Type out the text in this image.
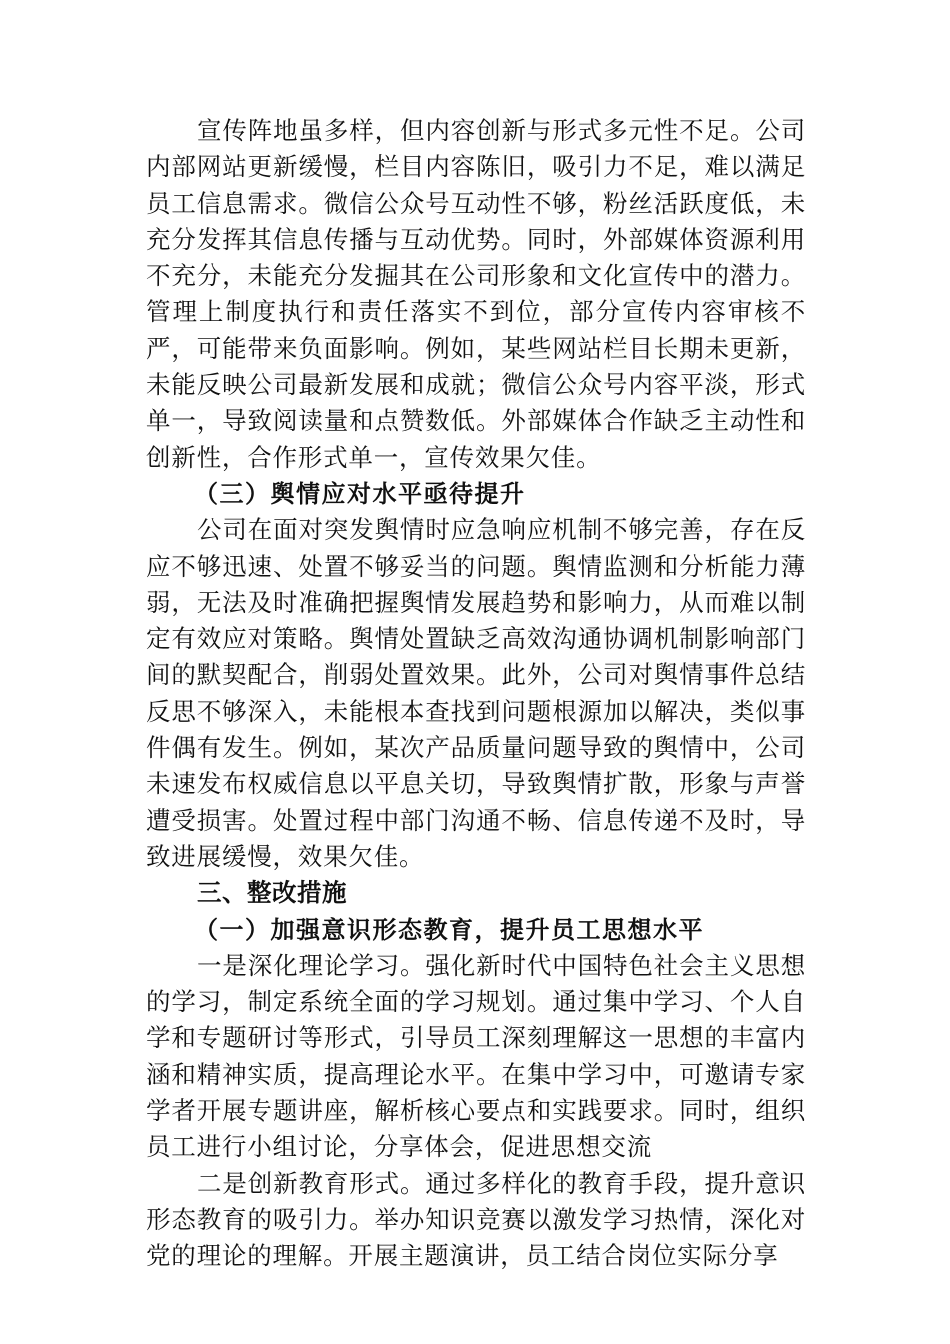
宣传阵地虽多样，但内容创新与形式多元性不足。公司内部网站更新缓慢，栏目内容陈旧，吸引力不足，难以满足员工信息需求。微信公众号互动性不够，粉丝活跃度低，未充分发挥其信息传播与互动优势。同时，外部媒体资源利用不充分，未能充分发掘其在公司形象和文化宣传中的潜力。管理上制度执行和责任落实不到位，部分宣传内容审核不严，可能带来负面影响。例如，某些网站栏目长期未更新，未能反映公司最新发展和成就；微信公众号内容平淡，形式单一，导致阅读量和点赞数低。外部媒体合作缺乏主动性和创新性，合作形式单一，宣传效果欠佳。

（三）舆情应对水平亟待提升

公司在面对突发舆情时应急响应机制不够完善，存在反应不够迅速、处置不够妥当的问题。舆情监测和分析能力薄弱，无法及时准确把握舆情发展趋势和影响力，从而难以制定有效应对策略。舆情处置缺乏高效沟通协调机制影响部门间的默契配合，削弱处置效果。此外，公司对舆情事件总结反思不够深入，未能根本查找到问题根源加以解决，类似事件偶有发生。例如，某次产品质量问题导致的舆情中，公司未速发布权威信息以平息关切，导致舆情扩散，形象与声誉遭受损害。处置过程中部门沟通不畅、信息传递不及时，导致进展缓慢，效果欠佳。

三、整改措施

（一）加强意识形态教育，提升员工思想水平

一是深化理论学习。强化新时代中国特色社会主义思想的学习，制定系统全面的学习规划。通过集中学习、个人自学和专题研讨等形式，引导员工深刻理解这一思想的丰富内涵和精神实质，提高理论水平。在集中学习中，可邀请专家学者开展专题讲座，解析核心要点和实践要求。同时，组织员工进行小组讨论，分享体会，促进思想交流

二是创新教育形式。通过多样化的教育手段，提升意识形态教育的吸引力。举办知识竞赛以激发学习热情，深化对党的理论的理解。开展主题演讲，员工结合岗位实际分享
